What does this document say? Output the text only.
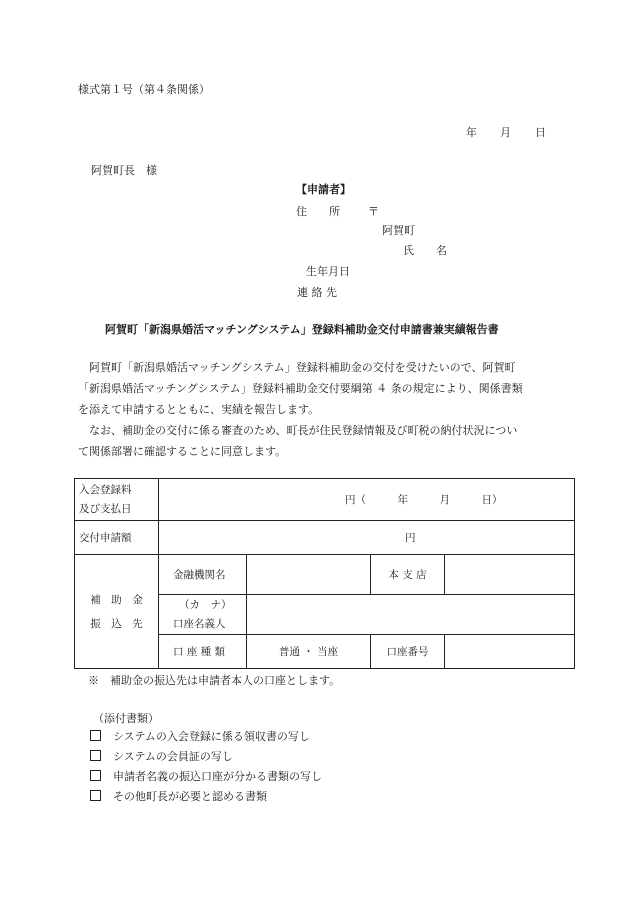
様式第１号（第４条関係）
年 月 日
阿賀町長　様
【申請者】
住　　所	〒
阿賀町
氏　　名
生年月日
連 絡 先
阿賀町「新潟県婚活マッチングシステム」登録料補助金交付申請書兼実績報告書

阿賀町「新潟県婚活マッチングシステム」登録料補助金の交付を受けたいので、阿賀町

「新潟県婚活マッチングシステム」登録料補助金交付要綱第 ４ 条の規定により、関係書類

を添えて申請するとともに、実績を報告します。

なお、補助金の交付に係る審査のため、町長が住民登録情報及び町税の納付状況につい

て関係部署に確認することに同意します。

入会登録料
及び支払日	円（　　　年　　　月　　　日）			
交付申請額	円			

補　助　金
振　込　先	金融機関名		本 支 店	

	（カ　ナ）
口座名義人			

	口 座 種 類	普通 ・ 当座	口座番号	
※　補助金の振込先は申請者本人の口座とします。
（添付書類）
システムの入会登録に係る領収書の写し
システムの会員証の写し
申請者名義の振込口座が分かる書類の写し
その他町長が必要と認める書類
